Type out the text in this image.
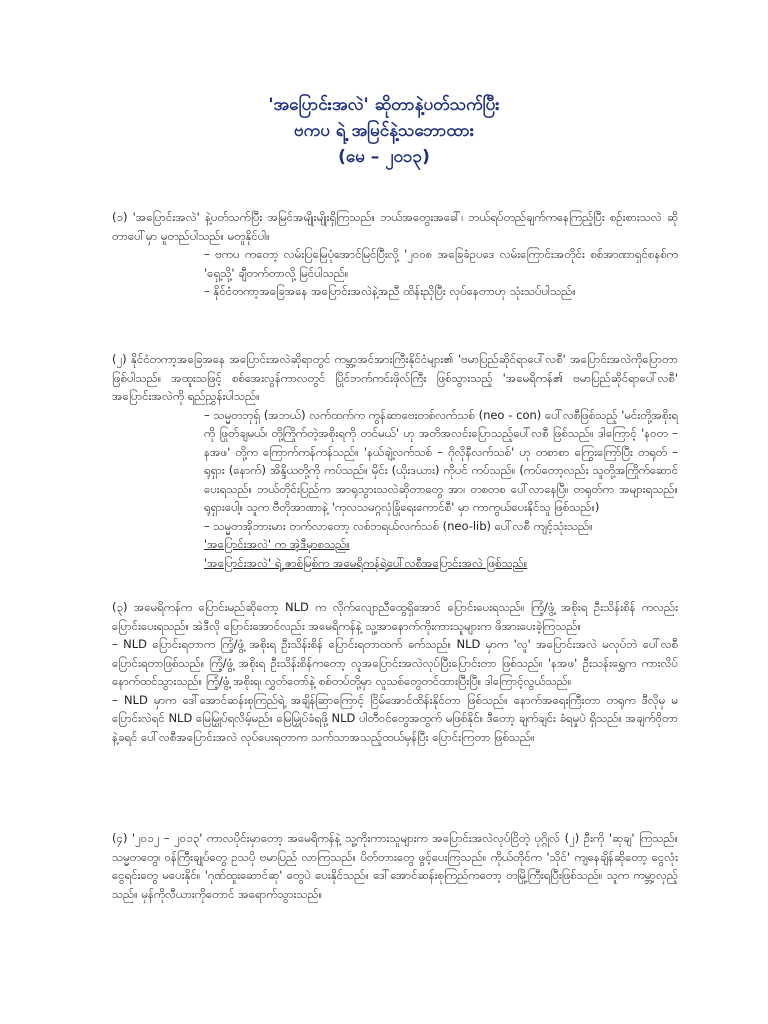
'အပြောင်းအလဲ' ဆိုတာနဲ့ပတ်သက်ပြီး
ဗကပ ရဲ့ အမြင်နဲ့သဘောထား
(မေ – ၂၀၁၃)

(၁) 'အပြောင်းအလဲ' နဲ့ပတ်သက်ပြီး အမြင်အမျိုးမျိုးရှိကြသည်။ ဘယ်အတွေးအခေါ်၊ ဘယ်ရပ်တည်ချက်ကနေကြည့်ပြီး စဉ်းစားသလဲ ဆိုတာပေါ်မှာ မူတည်ပါသည်။ မတူနိုင်ပါ။

– ဗကပ ကတော့ လမ်းပြမြေပုံအောင်မြင်ပြီးလို့ '၂၀၀၈ အခြေခံဥပဒေ လမ်းကြောင်းအတိုင်း စစ်အာဏာရှင်စနစ်က 'ရှေ့သို့' ချီတက်တာလို့ မြင်ပါသည်။

– နိုင်ငံတကာ့အခြေအနေ အပြောင်းအလဲနဲ့အညီ ထိန်းညှိပြီး လုပ်နေတာဟု သုံးသပ်ပါသည်။

(၂) နိုင်ငံတကာ့အခြေအနေ အပြောင်းအလဲဆိုရာတွင် ကမ္ဘာ့အင်အားကြီးနိုင်ငံများ၏ 'ဗမာပြည်ဆိုင်ရာပေါ်လစီ' အပြောင်းအလဲကိုပြောတာ ဖြစ်ပါသည်။ အထူးသဖြင့် စစ်အေးလွန်ကာလတွင် ပြိုင်ဘက်ကင်းဖိုလ်ကြီး ဖြစ်သွားသည့် 'အမေရိကန်၏ ဗမာပြည်ဆိုင်ရာပေါ်လစီ' အပြောင်းအလဲကို ရည်ညွှန်းပါသည်။

– သမ္မတဘုရှ် (အဘယ်) လက်ထက်က ကွန်ဆာဗေးတစ်လက်သစ် (neo - con) ပေါ်လစီဖြစ်သည့် 'မင်းတို့အစိုးရကို ဖြုတ်ချမယ်၊ တို့ကြိုက်တဲ့အစိုးရကို တင်မယ်' ဟု အတိအလင်းပြောသည့်ပေါ်လစီ ဖြစ်သည်။ ဒါကြောင့် 'နဝတ – နအဖ' တို့က ကြောက်ကန်ကန်သည်။ 'နယ်ချဲ့လက်သစ် – ဂိုလိုနီလက်သစ်' ဟု တစာစာ ကြွေးကြော်ပြီး တရုတ် – ရုရှား (နောက်) အိန္ဒိယတို့ကို ကပ်သည်။ မိုင်း (ယိုးဒယား) ကိုပင် ကပ်သည်။ (ကပ်တော့လည်း သူတို့အကြိုက်ဆောင်ပေးရသည်။ ဘယ်တိုင်းပြည်က အာရုသွားသလဲဆိုတာတွေ အာ၊ တစတစ ပေါ်လာနေပြီ။ တရုတ်က အများရသည်။ ရုရှားပေါ့။ သူက ဗီတိုအာဏာနဲ့ 'ကုလသမဂ္ဂလုံခြုံရေးကောင်စီ' မှာ ကာကွယ်ပေးနိုင်သူ ဖြစ်သည်။)

– သမ္မတအိုဘားမား တက်လာတော့ လစ်ဘရယ်လက်သစ် (neo-lib) ပေါ်လစီ ကျင့်သုံးသည်။

'အပြောင်းအလဲ' က အဲ့ဒီမှာစသည်။

'အပြောင်းအလဲ' ရဲ့ ဇာစ်မြစ်က အမေရိကန်ရဲ့ပေါ်လစီအပြောင်းအလဲ ဖြစ်သည်။

(၃) အမေရိကန်က ပြောင်းမည်ဆိုတော့ NLD က လိုက်လျောညီထွေရှိအောင် ပြောင်းပေးရသည်။ ကြံ့/ဖွံ့ အစိုးရ ဦးသိန်းစိန် ကလည်း ပြောင်းပေးရသည်။ အဲဒီလို ပြောင်းအောင်လည်း အမေရိကန်နဲ့ သူ့အာနောက်ကိုးကားသူများက ဖိအားပေးခဲ့ကြသည်။

– NLD ပြောင်းရတာက ကြံ့/ဖွံ့ အစိုးရ ဦးသိန်းစိန် ပြောင်းရတာထက် ခက်သည်။ NLD မှာက 'လူ' အပြောင်းအလဲ မလုပ်ဘဲ ပေါ်လစီ ပြောင်းရတာဖြစ်သည်။ ကြံ့/ဖွံ့ အစိုးရ ဦးသိန်းစိန်ကတော့ လူအပြောင်းအလဲလုပ်ပြီးပြောင်းတာ ဖြစ်သည်။ 'နအဖ' ဦးသန်းရွှေက ကားလိပ်နောက်ထင်သွားသည်။ ကြံ့/ဖွံ့ အစိုးရ၊ လွှတ်တော်နဲ့ စစ်တပ်တို့မှာ လူသစ်တွေတင်ထားပြီးပြီ။ ဒါကြောင့်လွယ်သည်။

– NLD မှာက ဒေါ်အောင်ဆန်းစုကြည်ရဲ့ အချိန်ဆြာကြောင့် ငြိမ်အောင်ထိန်းနိုင်တာ ဖြစ်သည်။ နောက်အရေးကြီးတာ တရုက ဒီလိုမှ မပြောင်းလဲရင် NLD မြေမြှုပ်ရလိမ့်မည်။ မြေမြှုပ်ခံရဖို့ NLD ပါတီဝင်တွေအတွက် မဖြစ်နိုင်။ ဒီတော့ ချက်ချင်း ခံရမှုပဲ ရှိသည်။ အချက်ဝိုတာနဲ့ခရင် ပေါ်လစီအပြောင်းအလဲ လုပ်ပေးရတာက သက်သာအသည့်ထယ်မှန်ပြီး ပြောင်းကြတာ ဖြစ်သည်။

(၄) '၂၀၁၂ – ၂၀၁၃' ကာလပိုင်းမှာတော့ အမေရိကန်နဲ့ သူ့ကိုးကားသူများက အပြောင်းအလဲလုပ်ငြိတဲ့ ပုဂ္ဂိုလ် (၂) ဦးကို 'ဆုချ' ကြသည်။ သမ္မတတွေ၊ ဝန်ကြီးချုပ်တွေ ဥသပို ဗမာပြည် လာကြသည်။ ပိတ်တားတွေ ဖွင့်ပေးကြသည်။ ကိုယ်တိုင်က 'သိုင်' ကျနေချိန်ဆိုတော့ ငွေလုံးငွေရင်းတွေ မပေးနိုင်။ 'ဂုဏ်ထူးဆောင်ဆု' တွေပဲ ပေးနိုင်သည်။ ဒေါ်အောင်ဆန်းစုကြည်ကတော့ တမြို့ကြီးရပြီးဖြစ်သည်။ သူက ကမ္ဘာ့လှည့်သည်။ မှန်ကိုလီယားကိုတောင် အရောက်သွားသည်။
